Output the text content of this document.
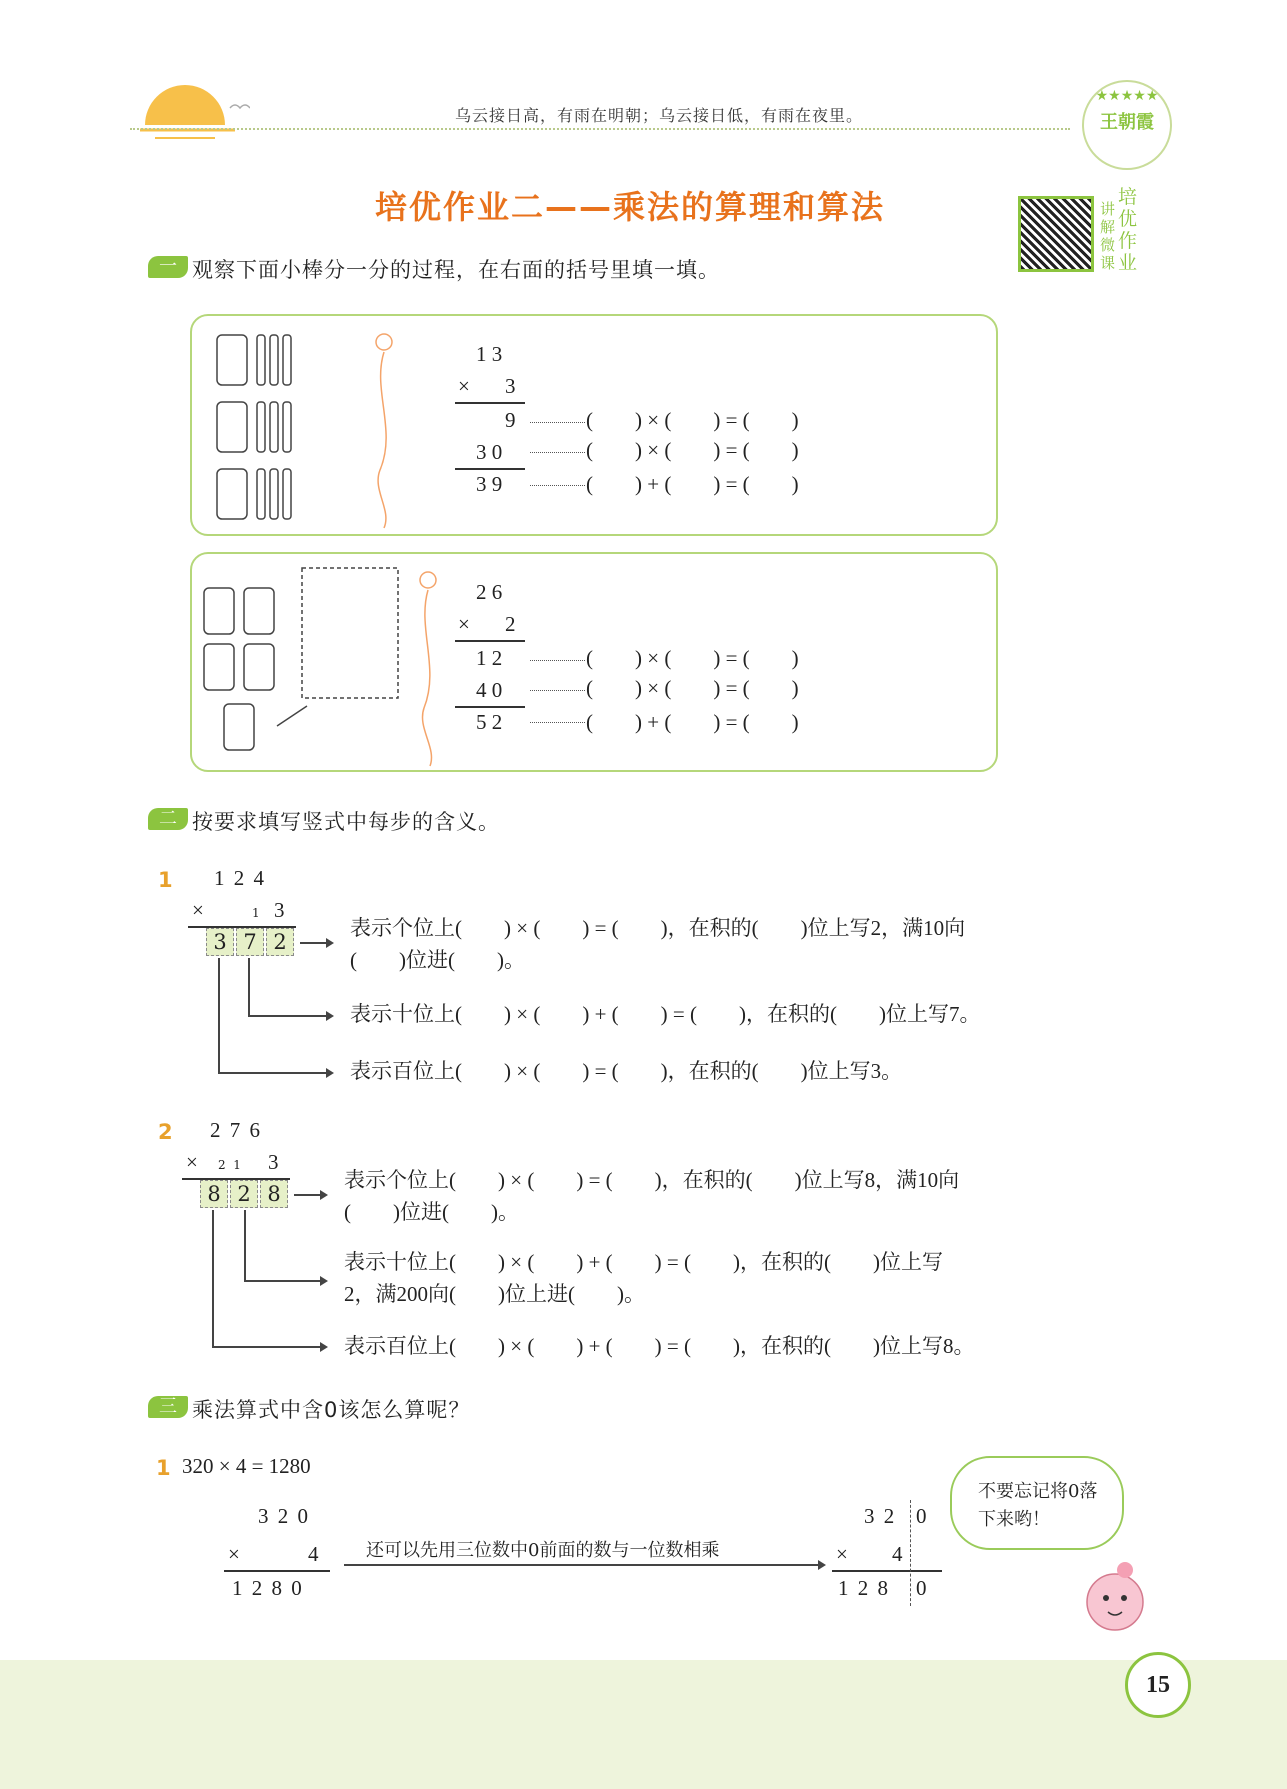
乌云接日高，有雨在明朝；乌云接日低，有雨在夜里。
★★★★★
王朝霞
培优作业二——乘法的算理和算法	培优作业
讲解微课
一 观察下面小棒分一分的过程，在右面的括号里填一填。
1 3
× 3
9
3 0
3 9
(        ) × (        ) = (        )
(        ) × (        ) = (        )
(        ) + (        ) = (        )
2 6
× 2
1 2
4 0
5 2
(        ) × (        ) = (        )
(        ) × (        ) = (        )
(        ) + (        ) = (        )
二 按要求填写竖式中每步的含义。
1 1 2 4
×	1 3
3 7 2
表示个位上(        ) × (        ) = (        )，在积的(        )位上写2，满10向
(        )位进(        )。
表示十位上(        ) × (        ) + (        ) = (        )，在积的(        )位上写7。
表示百位上(        ) × (        ) = (        )，在积的(        )位上写3。
2 2 7 6
× 2  1 3
8 2 8
表示个位上(        ) × (        ) = (        )，在积的(        )位上写8，满10向
(        )位进(        )。
表示十位上(        ) × (        ) + (        ) = (        )，在积的(        )位上写
2，满200向(        )位上进(        )。
表示百位上(        ) × (        ) + (        ) = (        )，在积的(        )位上写8。
三 乘法算式中含0该怎么算呢？
1 320 × 4 = 1280
3 2 0
×	4
1 2 8 0
还可以先用三位数中0前面的数与一位数相乘
3 2 0
× 4
1 2 8 0
不要忘记将0落下来哟！
15
